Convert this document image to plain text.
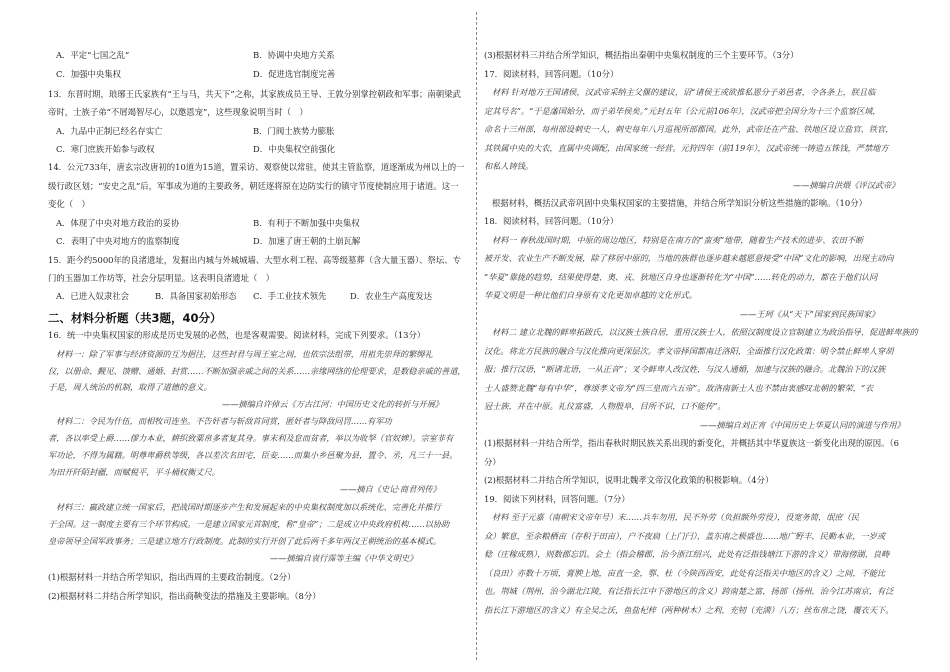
A．平定“七国之乱”	B．协调中央地方关系
C．加强中央集权	D．促进选官制度完善
13．东晋时期，琅琊王氏家族有“王与马，共天下”之称，其家族成员王导、王敦分别掌控朝政和军事；南朝梁武
帝时，士族子弟“不屑竭智尽心，以邀恩宠”，这些现象说明当时（　）
A．九品中正制已经名存实亡	B．门阀士族势力膨胀
C．寒门庶族开始参与政权	D．中央集权空前强化
14．公元733年，唐玄宗改唐初的10道为15道，置采访、观察使以常驻，使其主管监察，道逐渐成为州以上的一
级行政区划；“安史之乱”后，军事成为道的主要政务，朝廷逐将原在边防实行的镇守节度使制应用于诸道。这一
变化（　）
A．体现了中央对地方政治的妥协	B．有利于不断加强中央集权
C．表明了中央对地方的监察制度	D．加速了唐王朝的土崩瓦解
15．距今约5000年的良渚遗址，发掘出内城与外城城墙、大型水利工程、高等级墓葬（含大量玉器）、祭坛、专
门的玉器加工作坊等，社会分层明显。这表明良渚遗址（　）
A．已进入奴隶社会	B．具备国家初始形态 C．手工业技术领先	D．农业生产高度发达
二、材料分析题（共3题，40分）
16．统一中央集权国家的形成是历史发展的必然，也是客观需要。阅读材料，完成下列要求。（13分）
材料一：除了军事与经济资源的互为挹注，这些封君与周王室之间，也依宗法组带，用祖先崇拜的繁缛礼
仪，以册命、觐见、馈赠、通婚、封赏……不断加强亲戚之间的关系……亲缘网络的伦理要求，是数稳亲戚的善道，
于是，周人统治的机制，取得了道德的意义。
——摘编自许倬云《万古江河：中国历史文化的转折与开展》
材料二：令民为什伍，而相牧司连坐。不告奸者与斩敌首同赏，匿奸者与降敌同罚……有军功
者，各以率受上爵……僇力本业，耕织致粟帛多者复其身。事末利及怠而贫者，举以为收孥（官奴婢）。宗室非有
军功论，不得为属籍。明尊卑爵秩等级，各以差次名田宅，臣妾……而集小乡邑聚为县，置令、丞，凡三十一县。
为田开阡陌封疆，而赋税平，平斗桶权衡丈尺。
——摘自《史记·商君列传》
材料三：嬴政建立统一国家后，把战国时期逐步产生和发展起来的中央集权制度加以系统化、完善化并推行
于全国。这一制度主要有三个环节构成。一是建立国家元首制度，称“皇帝”；二是成立中央政府机构……以协助
皇帝领导全国军政事务；三是建立地方行政制度。此制的实行开创了此后两千多年两汉王朝统治的基本模式。
——摘编自袁行霈等主编《中华文明史》
(1)根据材料一并结合所学知识，指出西周的主要政治制度。（2分）
(2)根据材料二并结合所学知识，指出商鞅变法的措施及主要影响。（8分）
(3)根据材料三并结合所学知识，概括指出秦朝中央集权制度的三个主要环节。（3分）
17．阅读材料，回答问题。（10分）
材料 针对地方王国诸侯，汉武帝采纳主父偃的建议，诏“诸侯王或欲推私恩分子弟邑者，令各条上，朕且临
定其号名”。“于是藩国始分，而子弟毕侯矣。”元封五年（公元前106年），汉武帝把全国分为十三个监察区域，
命名十三州部，每州部设刺史一人，刺史每年八月巡视所部郡国。此外，武帝还在产盐、铁地区设立盐官、铁官，
其铁属中央的大农，直属中央调配，由国家统一经营。元狩四年（前119年），汉武帝统一铸造五铢钱，严禁地方
和私人铸钱。
——摘编自洪煨《评汉武帝》
根据材料，概括汉武帝巩固中央集权国家的主要措施，并结合所学知识分析这些措施的影响。（10分）
18．阅读材料，回答问题。（10分）
材料一 春秋战国时期，中原的周边地区，特别是在南方的“蛮夷”地带，随着生产技术的进步、农田不断
被开发、农业生产不断发展，除了移居中原的，当地的族群也逐步越来越愿意接受“中国”文化的影响，出现主动向
“华夏”靠拢的趋势，结果使得楚、奥、戎、狄地区自身也逐渐转化为“中国”……转化的动力，都在于他们认同
华夏文明是一种比他们自身原有文化更加卓越的文化形式。
——王珂《从“天下”国家到民族国家》
材料二 建立北魏的鲜卑拓跋氏，以汉族士族自居，重用汉族士人，依照汉制度设立官制建立为政治指导，促进鲜卑族的
汉化。将北方民族的融合与汉化推向更深层次。孝文帝择国都南迁洛阳，全面推行汉化政策：明令禁止鲜卑人穿胡
服；推行汉语，“断诸北语，一从正音”；叉令鲜卑人改汉姓，与汉人通婚，加速与汉族的融合。北魏治下的汉族
士人盛赞北魏“每有中华”，尊颂孝文帝为“四三皇而六五帝”。故洛南新士人也不禁由衷感叹北朝的繁荣，“衣
冠士族，并在中原。礼仪富盛，人物殷阜，目所不识，口不能传”。
——摘编自刘正宵《中国历史上华夏认同的演进与作用》
(1)根据材料一并结合所学，指出春秋时期民族关系出现的新变化，并概括其中华夏族这一新变化出现的原因。（6
分）
(2)根据材料二并结合所学知识，说明北魏孝文帝汉化政策的积极影响。（4分）
19．阅读下列材料，回答问题。（7分）
材料 至于元嘉（南朝宋文帝年号）末……兵车勿用，民不外劳（负担额外劳役），役宽务简，氓庶（民
众）繁息，至余粮栖亩（存积于田亩），户不夜扃（上门闩），盖东南之极盛也……地广野丰，民勤本业，一岁或
稔（庄稼成熟），则数郡忘饥。会土（指会稽郡，治今浙江绍兴，此处有泛指钱塘江下游的含义）带海傍湖，良畴
（良田）亦数十万顷，膏腴上地，亩直一金，鄠、杜（今陕西西安，此处有泛指关中地区的含义）之间，不能比
也。荆城（荆州，治今湖北江陵，有泛指长江中下游地区的含义）跨南楚之富，扬部（扬州，治今江苏南京，有泛
指长江下游地区的含义）有全吴之沃，鱼盐杞梓（两种树木）之利，充牣（充满）八方；丝布帛之饶，覆衣天下。
